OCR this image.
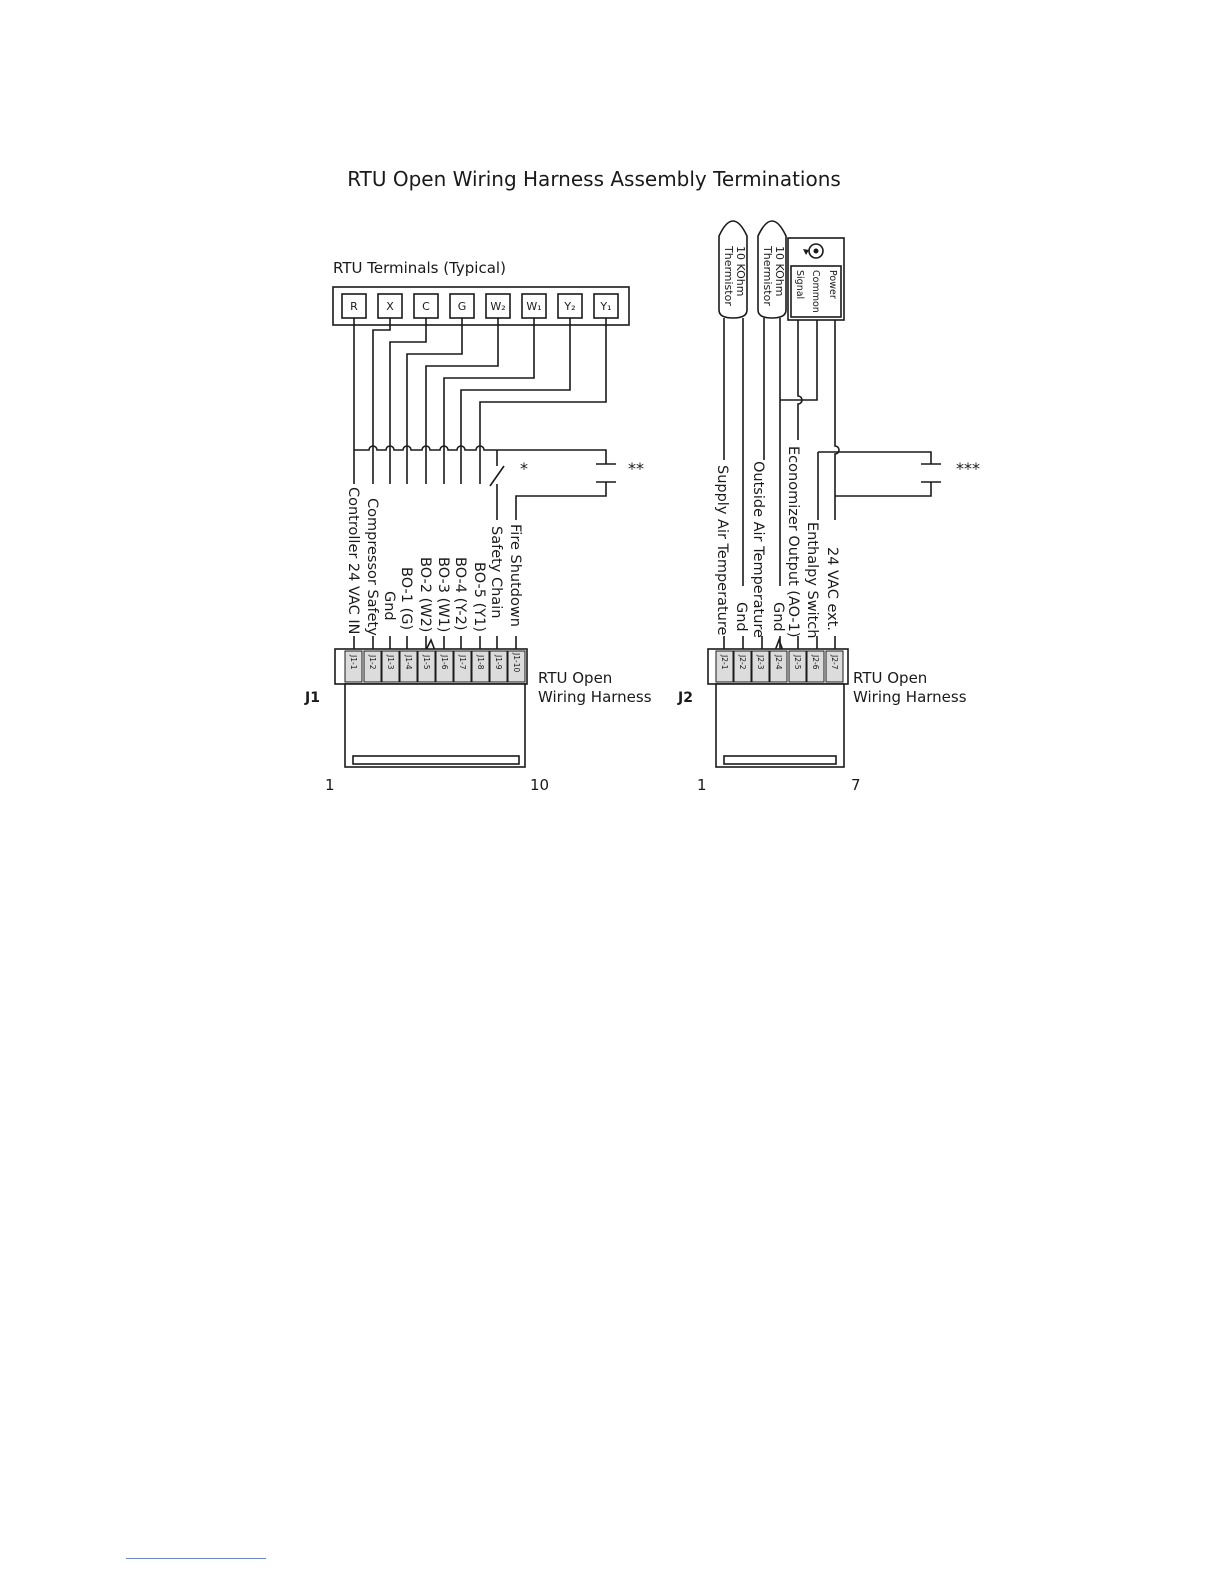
RTU Open Wiring Harness Assembly Terminations
RTU Terminals (Typical)
R	X	C	G W₂ W₁ Y₂ Y₁
*	**
Controller 24 VAC IN Compressor Safety Gnd BO-1 (G) BO-2 (W2) BO-3 (W1) BO-4 (Y-2) BO-5 (Y1) Safety Chain Fire Shutdown
J1-1 J1-2 J1-3 J1-4 J1-5 J1-6 J1-7 J1-8 J1-9 J1-10
J1
RTU Open
Wiring Harness
1	10
10 KOhm
Thermistor	10 KOhm
Thermistor	Power
Common
Signal
***
Supply Air Temperature Gnd Outside Air Temperature Gnd Economizer Output (AO-1) Enthalpy Switch 24 VAC ext.
J2-1 J2-2 J2-3 J2-4 J2-5 J2-6 J2-7
J2
RTU Open
Wiring Harness
1	7
